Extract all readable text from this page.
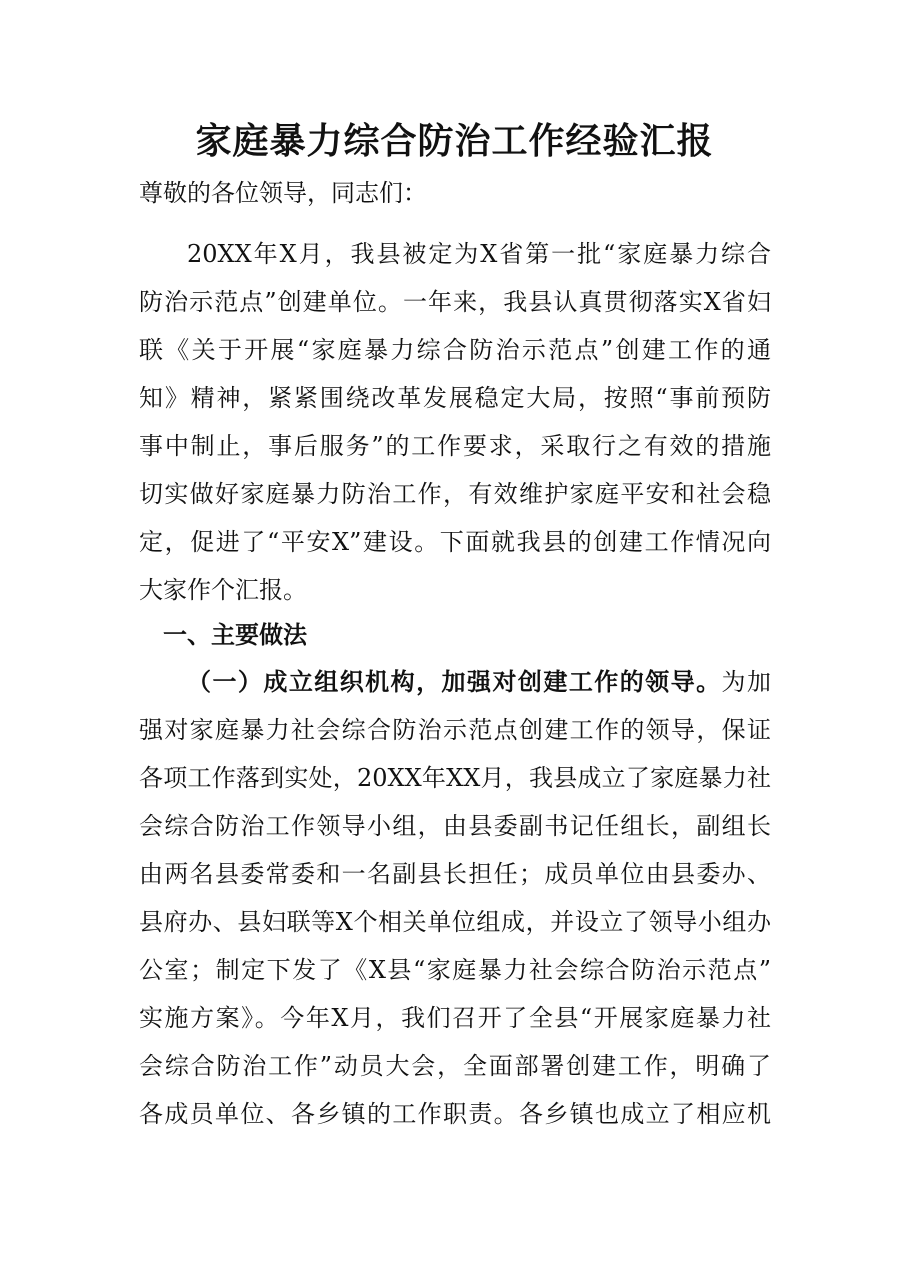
家庭暴力综合防治工作经验汇报
尊敬的各位领导，同志们：
20XX年X月，我县被定为X省第一批“家庭暴力综合
防治示范点”创建单位。一年来，我县认真贯彻落实X省妇
联《关于开展“家庭暴力综合防治示范点”创建工作的通
知》精神，紧紧围绕改革发展稳定大局，按照“事前预防
事中制止，事后服务”的工作要求，采取行之有效的措施
切实做好家庭暴力防治工作，有效维护家庭平安和社会稳
定，促进了“平安X”建设。下面就我县的创建工作情况向
大家作个汇报。
一、主要做法
（一）成立组织机构，加强对创建工作的领导。为加
强对家庭暴力社会综合防治示范点创建工作的领导，保证
各项工作落到实处，20XX年XX月，我县成立了家庭暴力社
会综合防治工作领导小组，由县委副书记任组长，副组长
由两名县委常委和一名副县长担任；成员单位由县委办、
县府办、县妇联等X个相关单位组成，并设立了领导小组办
公室；制定下发了《X县“家庭暴力社会综合防治示范点”
实施方案》。今年X月，我们召开了全县“开展家庭暴力社
会综合防治工作”动员大会，全面部署创建工作，明确了
各成员单位、各乡镇的工作职责。各乡镇也成立了相应机
